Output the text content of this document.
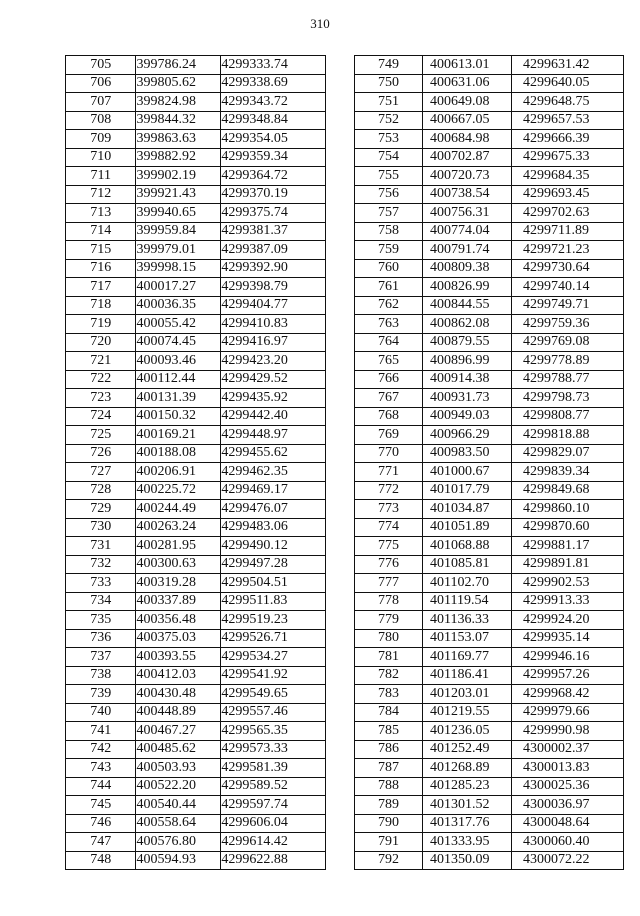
310
705	399786.24	4299333.74
706	399805.62	4299338.69
707	399824.98	4299343.72
708	399844.32	4299348.84
709	399863.63	4299354.05
710	399882.92	4299359.34
711	399902.19	4299364.72
712	399921.43	4299370.19
713	399940.65	4299375.74
714	399959.84	4299381.37
715	399979.01	4299387.09
716	399998.15	4299392.90
717	400017.27	4299398.79
718	400036.35	4299404.77
719	400055.42	4299410.83
720	400074.45	4299416.97
721	400093.46	4299423.20
722	400112.44	4299429.52
723	400131.39	4299435.92
724	400150.32	4299442.40
725	400169.21	4299448.97
726	400188.08	4299455.62
727	400206.91	4299462.35
728	400225.72	4299469.17
729	400244.49	4299476.07
730	400263.24	4299483.06
731	400281.95	4299490.12
732	400300.63	4299497.28
733	400319.28	4299504.51
734	400337.89	4299511.83
735	400356.48	4299519.23
736	400375.03	4299526.71
737	400393.55	4299534.27
738	400412.03	4299541.92
739	400430.48	4299549.65
740	400448.89	4299557.46
741	400467.27	4299565.35
742	400485.62	4299573.33
743	400503.93	4299581.39
744	400522.20	4299589.52
745	400540.44	4299597.74
746	400558.64	4299606.04
747	400576.80	4299614.42
748	400594.93	4299622.88
749	400613.01	4299631.42
750	400631.06	4299640.05
751	400649.08	4299648.75
752	400667.05	4299657.53
753	400684.98	4299666.39
754	400702.87	4299675.33
755	400720.73	4299684.35
756	400738.54	4299693.45
757	400756.31	4299702.63
758	400774.04	4299711.89
759	400791.74	4299721.23
760	400809.38	4299730.64
761	400826.99	4299740.14
762	400844.55	4299749.71
763	400862.08	4299759.36
764	400879.55	4299769.08
765	400896.99	4299778.89
766	400914.38	4299788.77
767	400931.73	4299798.73
768	400949.03	4299808.77
769	400966.29	4299818.88
770	400983.50	4299829.07
771	401000.67	4299839.34
772	401017.79	4299849.68
773	401034.87	4299860.10
774	401051.89	4299870.60
775	401068.88	4299881.17
776	401085.81	4299891.81
777	401102.70	4299902.53
778	401119.54	4299913.33
779	401136.33	4299924.20
780	401153.07	4299935.14
781	401169.77	4299946.16
782	401186.41	4299957.26
783	401203.01	4299968.42
784	401219.55	4299979.66
785	401236.05	4299990.98
786	401252.49	4300002.37
787	401268.89	4300013.83
788	401285.23	4300025.36
789	401301.52	4300036.97
790	401317.76	4300048.64
791	401333.95	4300060.40
792	401350.09	4300072.22
